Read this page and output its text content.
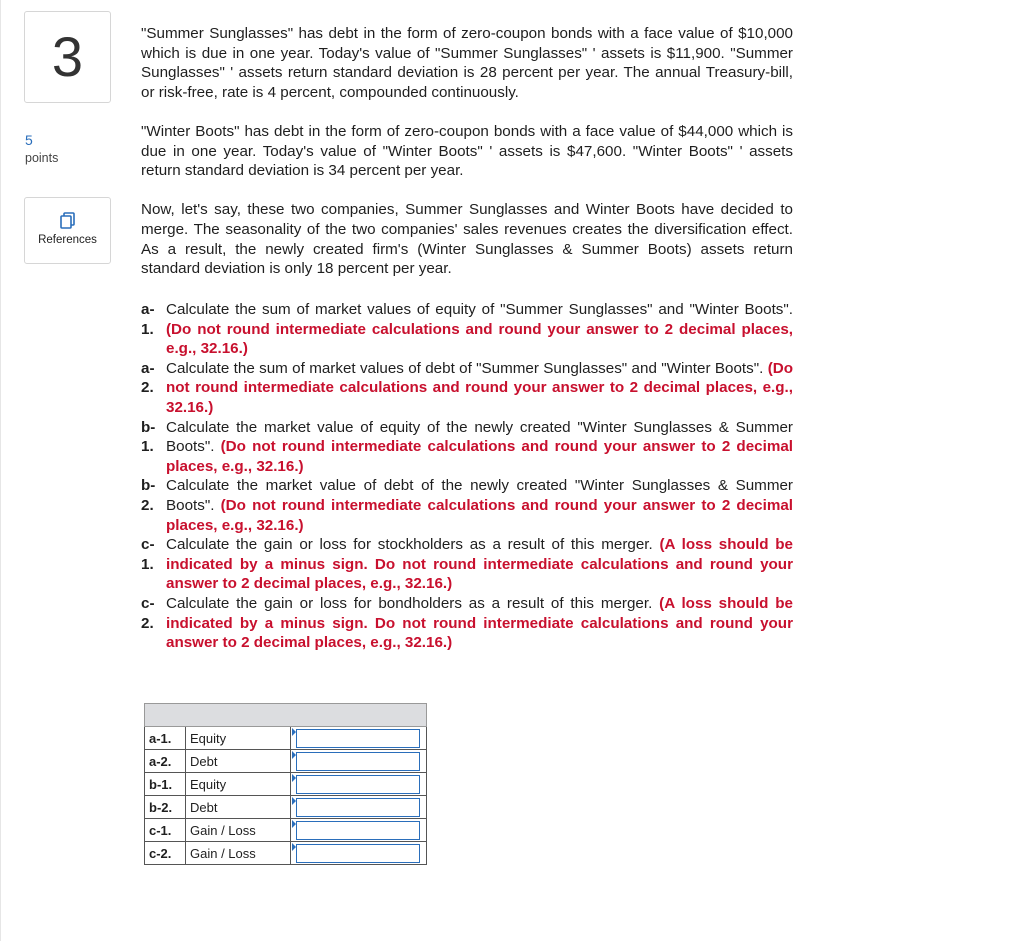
3
5
points
References

"Summer Sunglasses" has debt in the form of zero-coupon bonds with a face value of $10,000 which is due in one year. Today's value of "Summer Sunglasses" ' assets is $11,900. "Summer Sunglasses" ' assets return standard deviation is 28 percent per year. The annual Treasury-bill, or risk-free, rate is 4 percent, compounded continuously.

"Winter Boots" has debt in the form of zero-coupon bonds with a face value of $44,000 which is due in one year. Today's value of "Winter Boots" ' assets is $47,600. "Winter Boots" ' assets return standard deviation is 34 percent per year.

Now, let's say, these two companies, Summer Sunglasses and Winter Boots have decided to merge. The seasonality of the two companies' sales revenues creates the diversification effect. As a result, the newly created firm's (Winter Sunglasses & Summer Boots) assets return standard deviation is only 18 percent per year.

a-1.
Calculate the sum of market values of equity of "Summer Sunglasses" and "Winter Boots". (Do not round intermediate calculations and round your answer to 2 decimal places, e.g., 32.16.)
a-2.
Calculate the sum of market values of debt of "Summer Sunglasses" and "Winter Boots". (Do not round intermediate calculations and round your answer to 2 decimal places, e.g., 32.16.)
b-1.
Calculate the market value of equity of the newly created "Winter Sunglasses & Summer Boots". (Do not round intermediate calculations and round your answer to 2 decimal places, e.g., 32.16.)
b-2.
Calculate the market value of debt of the newly created "Winter Sunglasses & Summer Boots". (Do not round intermediate calculations and round your answer to 2 decimal places, e.g., 32.16.)
c-1.
Calculate the gain or loss for stockholders as a result of this merger. (A loss should be indicated by a minus sign. Do not round intermediate calculations and round your answer to 2 decimal places, e.g., 32.16.)
c-2.
Calculate the gain or loss for bondholders as a result of this merger. (A loss should be indicated by a minus sign. Do not round intermediate calculations and round your answer to 2 decimal places, e.g., 32.16.)

a-1.	Equity	

a-2.	Debt	

b-1.	Equity	

b-2.	Debt	

c-1.	Gain / Loss	

c-2.	Gain / Loss	
